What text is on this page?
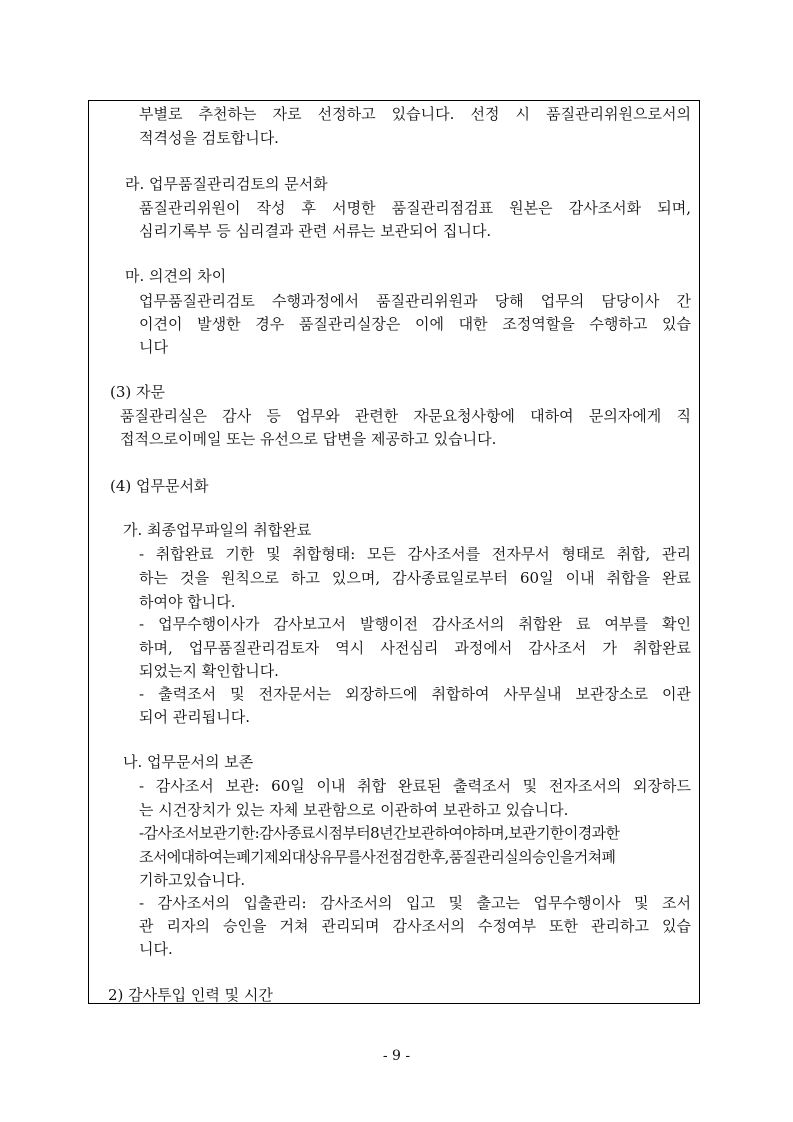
부별로 추천하는 자로 선정하고 있습니다. 선정 시 품질관리위원으로서의
적격성을 검토합니다.
라. 업무품질관리검토의 문서화
품질관리위원이 작성 후 서명한 품질관리점검표 원본은 감사조서화 되며,
심리기록부 등 심리결과 관련 서류는 보관되어 집니다.
마. 의견의 차이
업무품질관리검토 수행과정에서 품질관리위원과 당해 업무의 담당이사 간
이견이 발생한 경우 품질관리실장은 이에 대한 조정역할을 수행하고 있습
니다
(3) 자문
품질관리실은 감사 등 업무와 관련한 자문요청사항에 대하여 문의자에게 직
접적으로이메일 또는 유선으로 답변을 제공하고 있습니다.
(4) 업무문서화
가. 최종업무파일의 취합완료
- 취합완료 기한 및 취합형태: 모든 감사조서를 전자무서 형태로 취합, 관리
하는 것을 원칙으로 하고 있으며, 감사종료일로부터 60일 이내 취합을 완료
하여야 합니다.
- 업무수행이사가 감사보고서 발행이전 감사조서의 취합완 료 여부를 확인
하며, 업무품질관리검토자 역시 사전심리 과정에서 감사조서 가 취합완료
되었는지 확인합니다.
- 출력조서 및 전자문서는 외장하드에 취합하여 사무실내 보관장소로 이관
되어 관리됩니다.
나. 업무문서의 보존
- 감사조서 보관: 60일 이내 취합 완료된 출력조서 및 전자조서의 외장하드
는 시건장치가 있는 자체 보관함으로 이관하여 보관하고 있습니다.
-감사조서보관기한:감사종료시점부터8년간보관하여야하며,보관기한이경과한
조서에대하여는폐기제외대상유무를사전점검한후,품질관리실의승인을거쳐폐
기하고있습니다.
- 감사조서의 입출관리: 감사조서의 입고 및 출고는 업무수행이사 및 조서
관 리자의 승인을 거쳐 관리되며 감사조서의 수정여부 또한 관리하고 있습
니다.
2) 감사투입 인력 및 시간
- 9 -
